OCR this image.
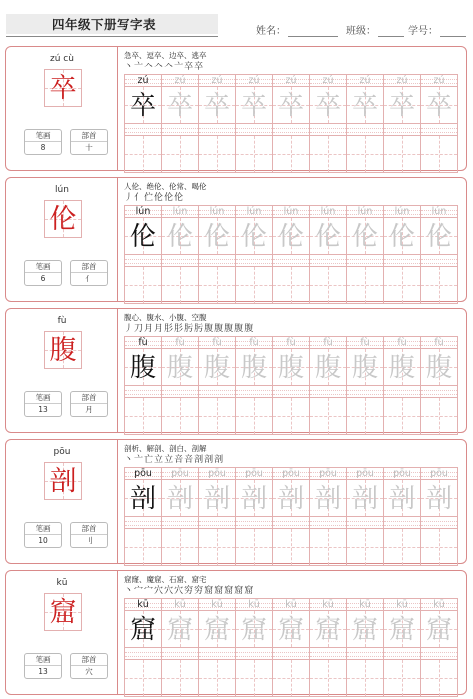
四年级下册写字表	姓名：	班级：	学号：
zú cù
卒
笔画
8
部首
十
急卒、逗卒、边卒、逃卒
丶 亠 𠆢 𠆢 𠆢 亠 卒 卒
zú	zú	zú	zú	zú	zú	zú	zú	zú
卒 卒 卒 卒 卒 卒 卒 卒 卒
lún
伦
笔画
6
部首
亻
人伦、绝伦、伦常、喝伦
丿 亻 伫 伦 伦 伦
lún	lún	lún	lún	lún	lún	lún	lún	lún
伦 伦 伦 伦 伦 伦 伦 伦 伦
fù
腹
笔画
13
部首
月
腹心、腹水、小腹、空腹
丿 刀 月 月 肜 肜 肟 肟 腹 腹 腹 腹 腹
fù	fù	fù	fù	fù	fù	fù	fù	fù
腹 腹 腹 腹 腹 腹 腹 腹 腹
pōu
剖
笔画
10
部首
刂
剖析、解剖、剖白、剖解
丶 亠 亡 立 立 咅 咅 剖 剖 剖
pōu	pōu	pōu	pōu	pōu	pōu	pōu	pōu	pōu
剖 剖 剖 剖 剖 剖 剖 剖 剖
kū
窟
笔画
13
部首
穴
窟窿、魔窟、石窟、窟宅
丶 宀 宀 穴 穴 穴 穷 穷 窟 窟 窟 窟 窟
kū	kū	kū	kū	kū	kū	kū	kū	kū
窟 窟 窟 窟 窟 窟 窟 窟 窟
